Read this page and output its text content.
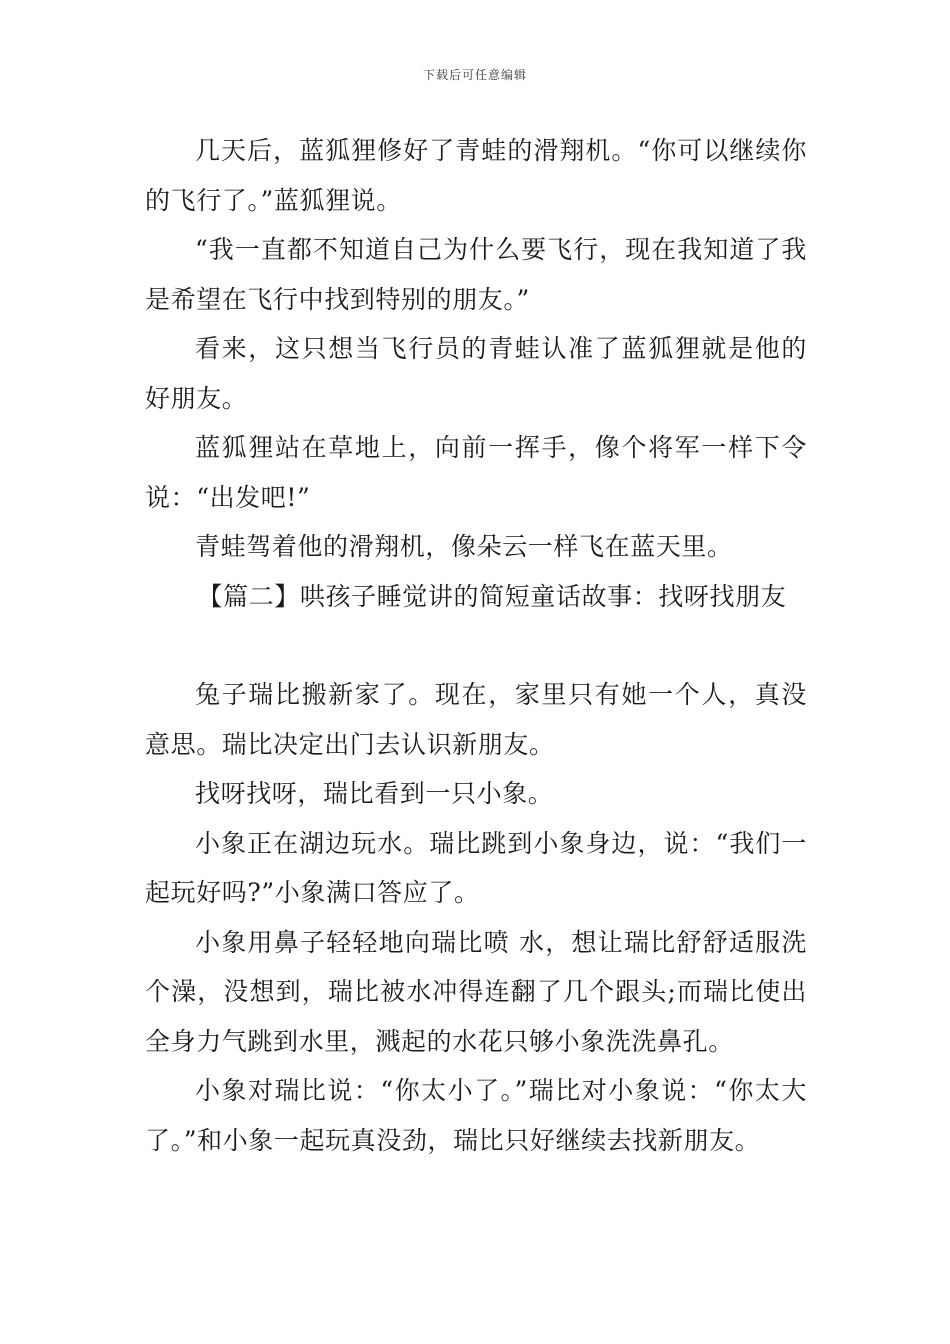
下载后可任意编辑

几天后，蓝狐狸修好了青蛙的滑翔机。“你可以继续你的飞行了。”蓝狐狸说。

“我一直都不知道自己为什么要飞行，现在我知道了我是希望在飞行中找到特别的朋友。”

看来，这只想当飞行员的青蛙认准了蓝狐狸就是他的好朋友。

蓝狐狸站在草地上，向前一挥手，像个将军一样下令说：“出发吧!”

青蛙驾着他的滑翔机，像朵云一样飞在蓝天里。

【篇二】哄孩子睡觉讲的简短童话故事：找呀找朋友

兔子瑞比搬新家了。现在，家里只有她一个人，真没意思。瑞比决定出门去认识新朋友。

找呀找呀，瑞比看到一只小象。

小象正在湖边玩水。瑞比跳到小象身边，说：“我们一起玩好吗?”小象满口答应了。

小象用鼻子轻轻地向瑞比喷 水，想让瑞比舒舒适服洗个澡，没想到，瑞比被水冲得连翻了几个跟头;而瑞比使出全身力气跳到水里，溅起的水花只够小象洗洗鼻孔。

小象对瑞比说：“你太小了。”瑞比对小象说：“你太大了。”和小象一起玩真没劲，瑞比只好继续去找新朋友。
